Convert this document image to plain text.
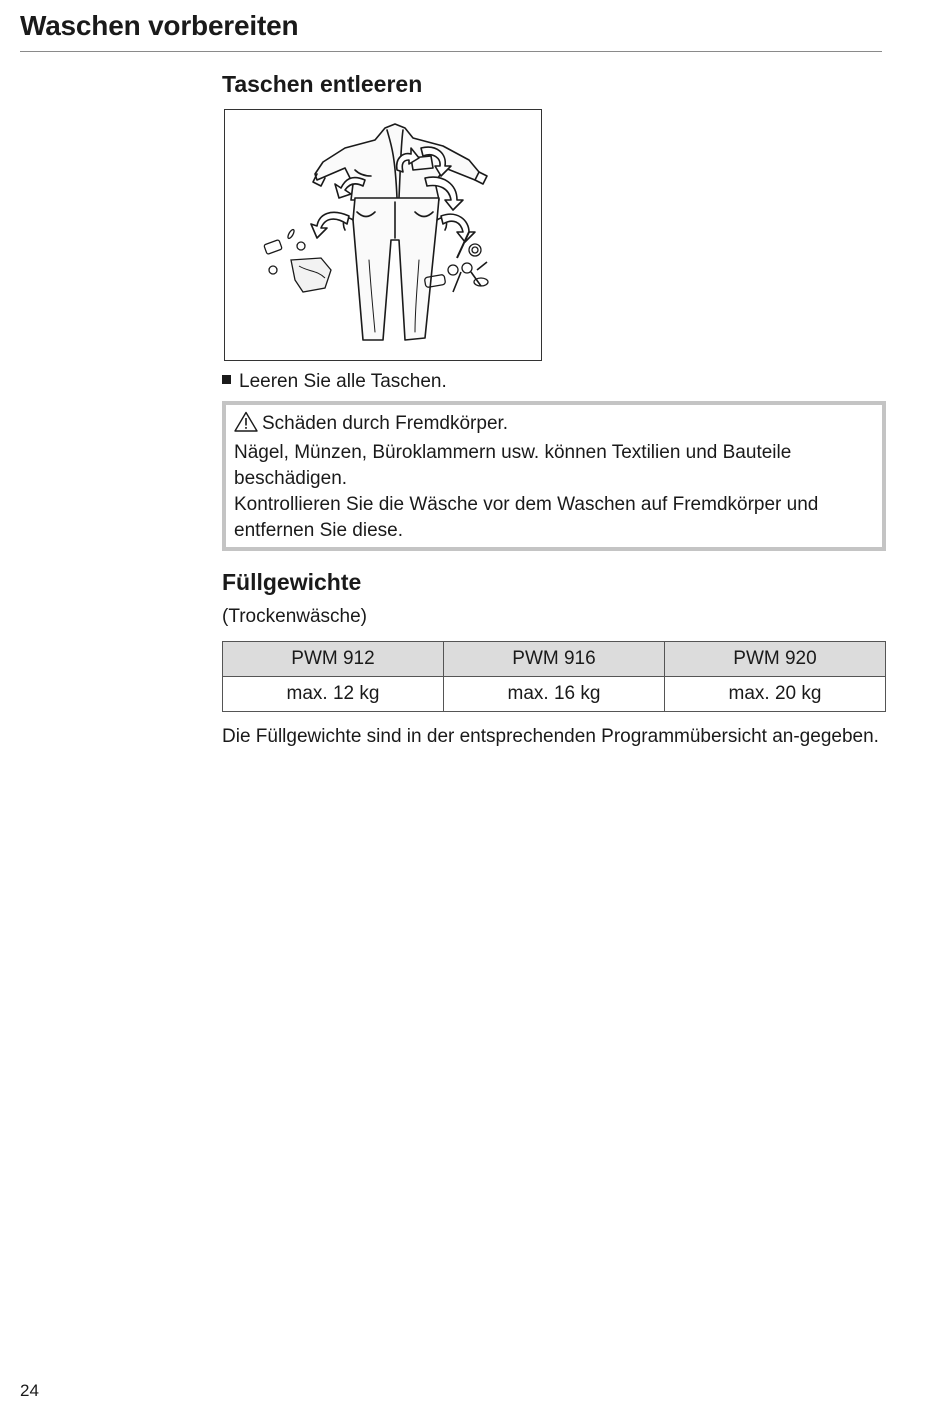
Waschen vorbereiten
Taschen entleeren
Leeren Sie alle Taschen.
Schäden durch Fremdkörper.
Nägel, Münzen, Büroklammern usw. können Textilien und Bauteile beschädigen.
Kontrollieren Sie die Wäsche vor dem Waschen auf Fremdkörper und entfernen Sie diese.
Füllgewichte
(Trockenwäsche)
PWM 912	PWM 916	PWM 920
max. 12 kg	max. 16 kg	max. 20 kg
Die Füllgewichte sind in der entsprechenden Programmübersicht an-gegeben.
24
